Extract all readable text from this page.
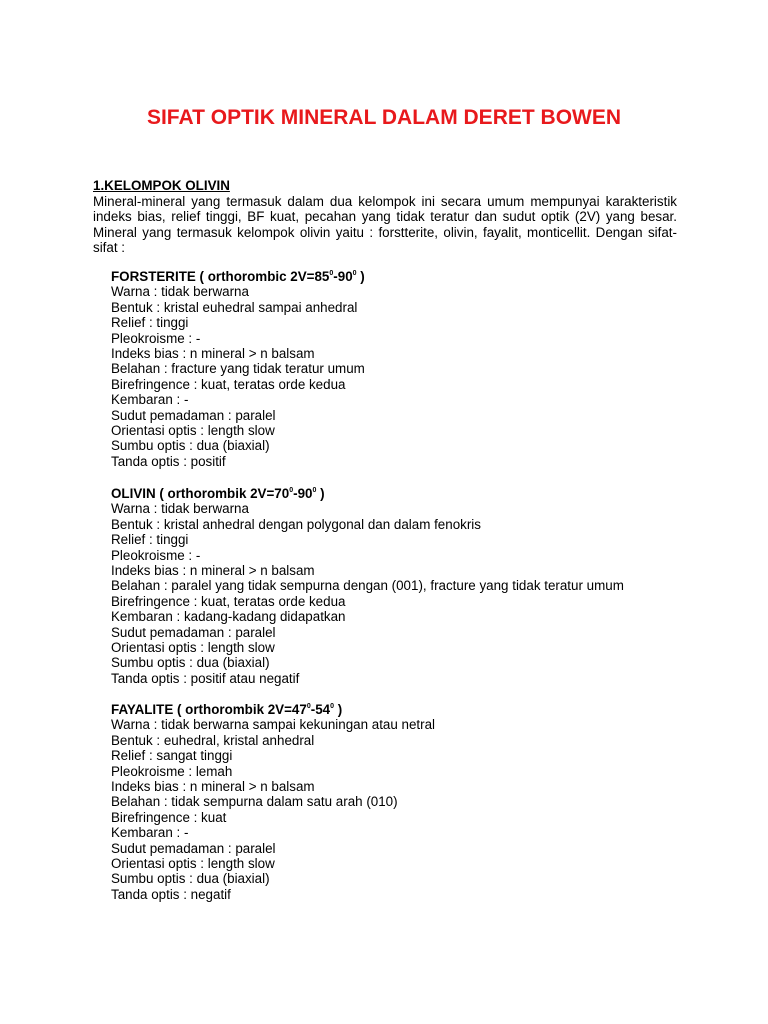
SIFAT OPTIK MINERAL DALAM DERET BOWEN

1.KELOMPOK OLIVIN

Mineral-mineral yang termasuk dalam dua kelompok ini secara umum mempunyai karakteristik indeks bias, relief tinggi, BF kuat, pecahan yang tidak teratur dan sudut optik (2V) yang besar. Mineral yang termasuk kelompok olivin yaitu : forstterite, olivin, fayalit, monticellit. Dengan sifat-sifat :

FORSTERITE ( orthorombic $2V=85^0-90^0$ )

Warna : tidak berwarna
Bentuk : kristal euhedral sampai anhedral
Relief : tinggi
Pleokroisme : -
Indeks bias : n mineral > n balsam
Belahan : fracture yang tidak teratur umum
Birefringence : kuat, teratas orde kedua
Kembaran : -
Sudut pemadaman : paralel
Orientasi optis : length slow
Sumbu optis : dua (biaxial)
Tanda optis : positif

OLIVIN ( orthorombik $2V=70^0-90^0$ )

Warna : tidak berwarna
Bentuk : kristal anhedral dengan polygonal dan dalam fenokris
Relief : tinggi
Pleokroisme : -
Indeks bias : n mineral > n balsam
Belahan : paralel yang tidak sempurna dengan (001), fracture yang tidak teratur umum
Birefringence : kuat, teratas orde kedua
Kembaran : kadang-kadang didapatkan
Sudut pemadaman : paralel
Orientasi optis : length slow
Sumbu optis : dua (biaxial)
Tanda optis : positif atau negatif

FAYALITE ( orthorombik $2V=47^0-54^0$ )

Warna : tidak berwarna sampai kekuningan atau netral
Bentuk : euhedral, kristal anhedral
Relief : sangat tinggi
Pleokroisme : lemah
Indeks bias : n mineral > n balsam
Belahan : tidak sempurna dalam satu arah (010)
Birefringence : kuat
Kembaran : -
Sudut pemadaman : paralel
Orientasi optis : length slow
Sumbu optis : dua (biaxial)
Tanda optis : negatif
